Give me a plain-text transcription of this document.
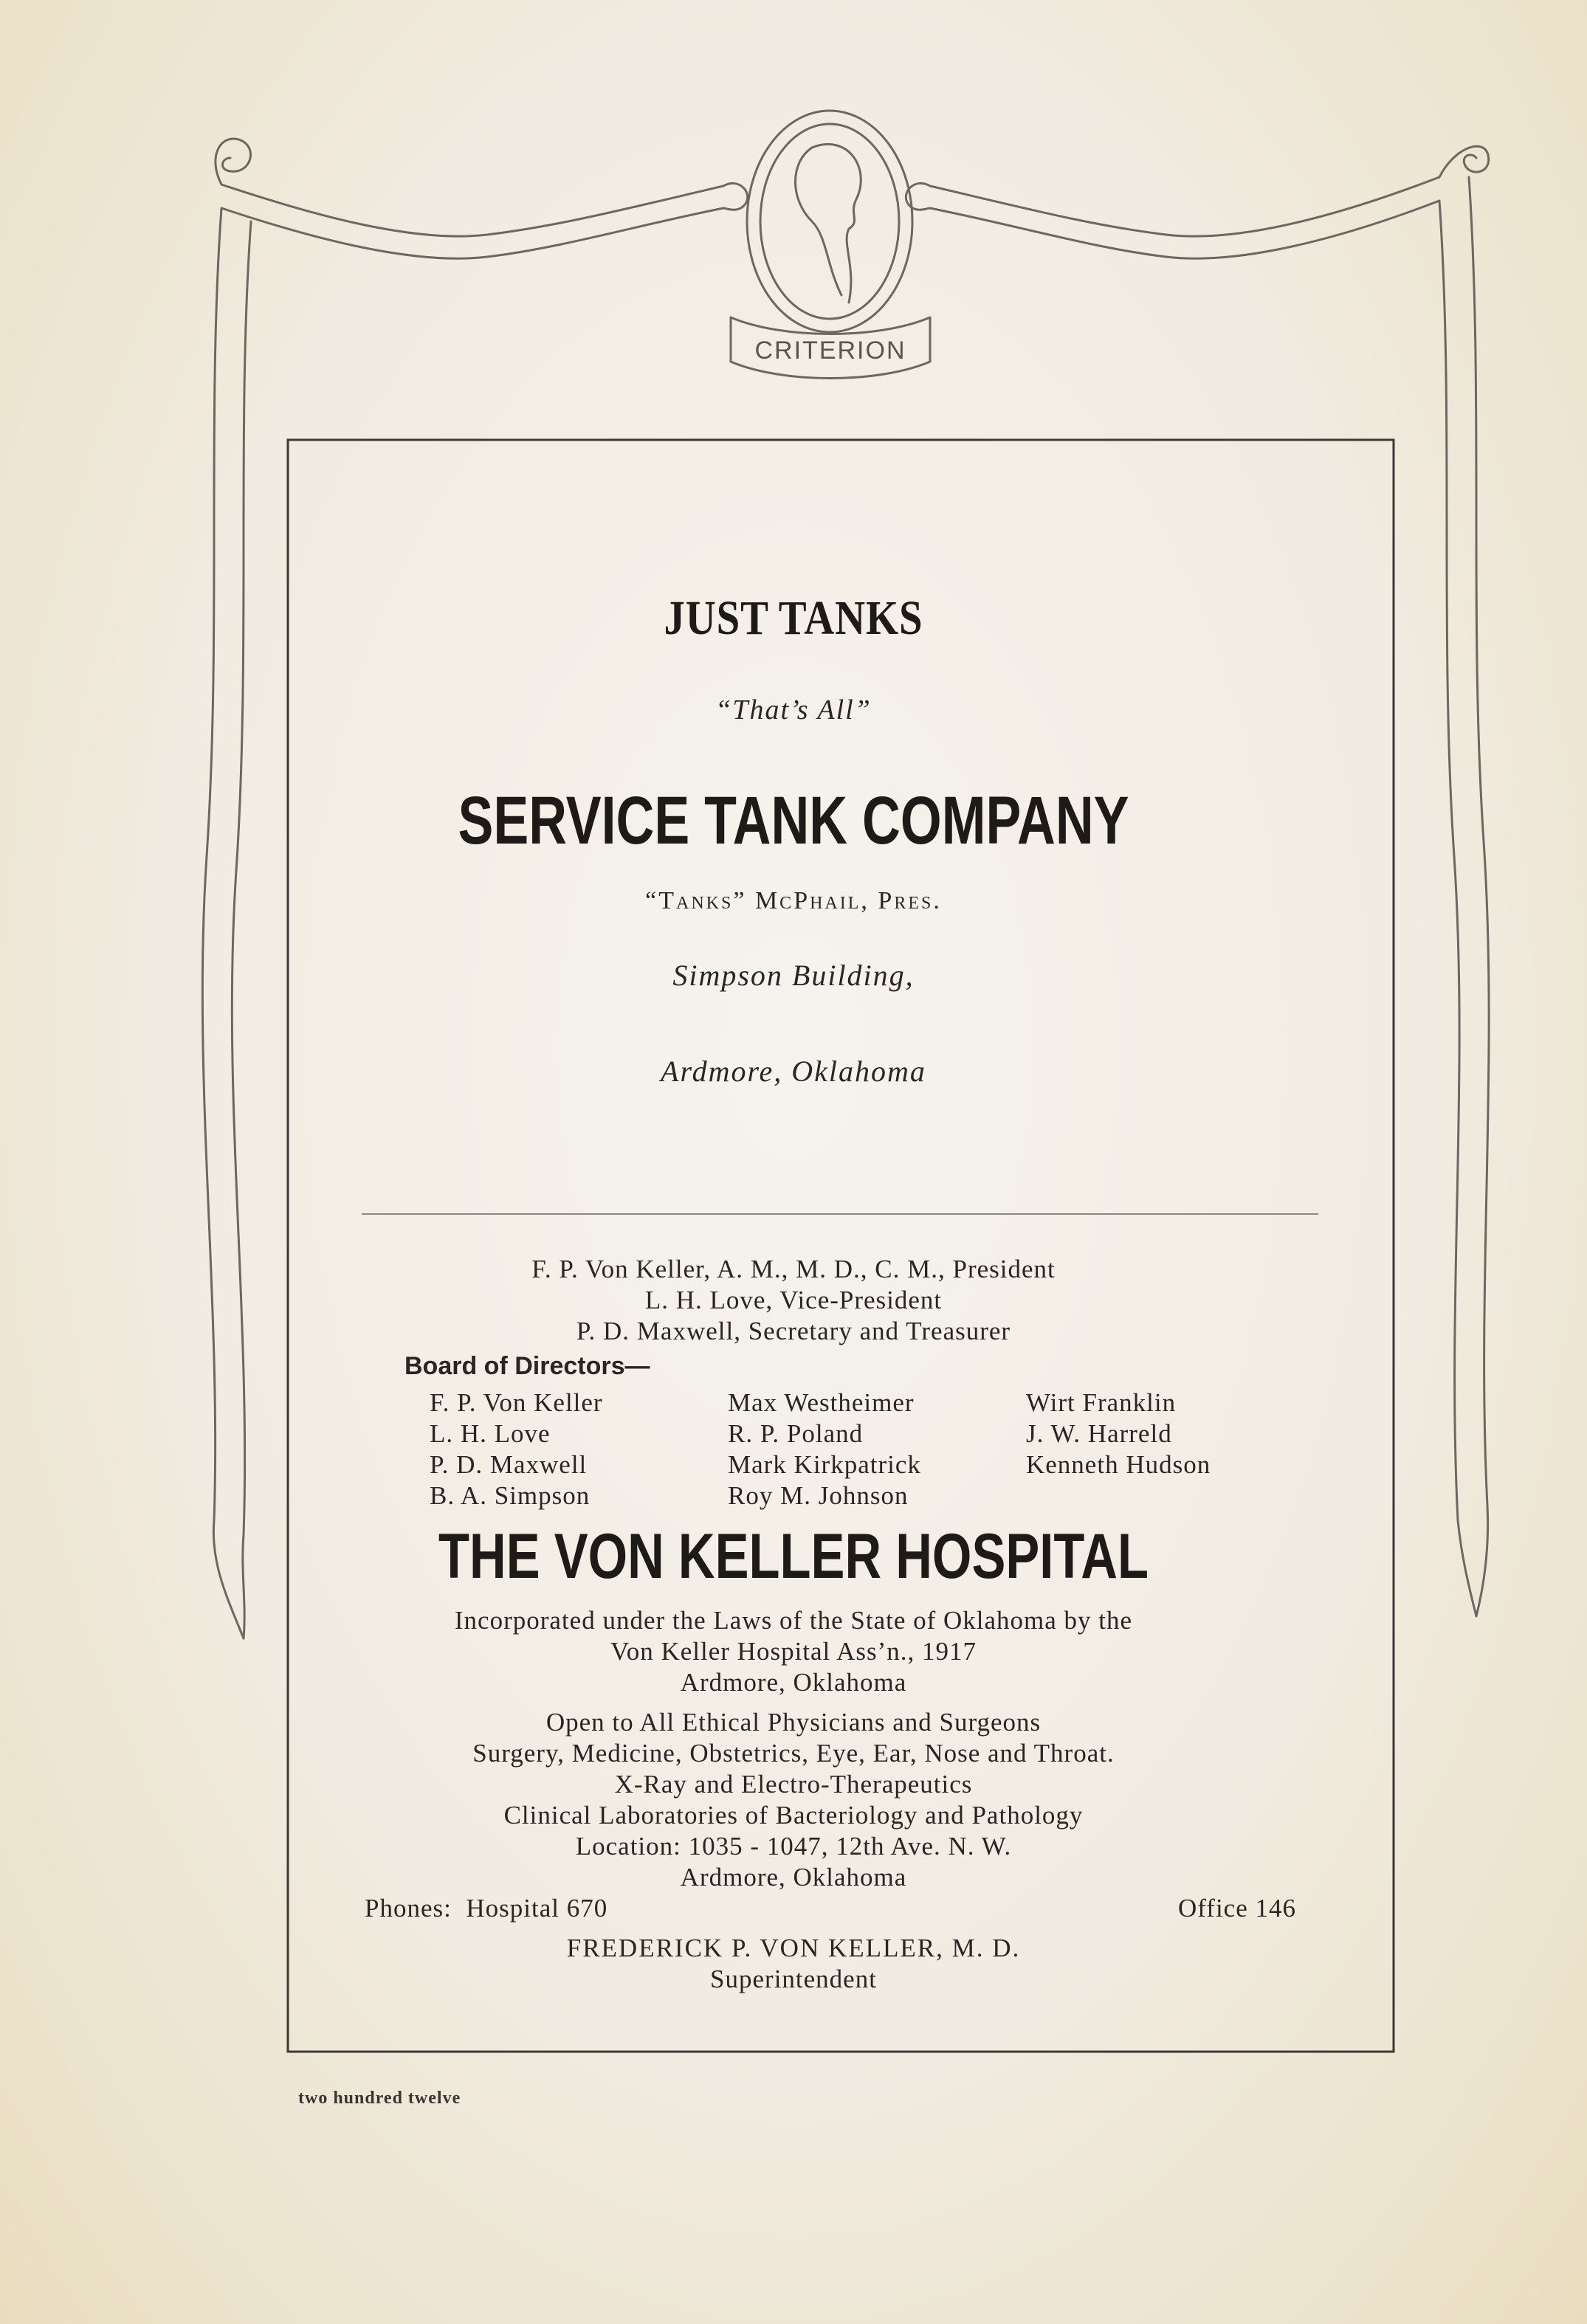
CRITERION
JUST TANKS
“That’s All”
SERVICE TANK COMPANY
“Tanks” McPhail, Pres.
Simpson Building,
Ardmore, Oklahoma
F. P. Von Keller, A. M., M. D., C. M., President
L. H. Love, Vice-President
P. D. Maxwell, Secretary and Treasurer
Board of Directors—
F. P. Von Keller
L. H. Love
P. D. Maxwell
B. A. Simpson
Max Westheimer
R. P. Poland
Mark Kirkpatrick
Roy M. Johnson
Wirt Franklin
J. W. Harreld
Kenneth Hudson
THE VON KELLER HOSPITAL
Incorporated under the Laws of the State of Oklahoma by the
Von Keller Hospital Ass’n., 1917
Ardmore, Oklahoma
Open to All Ethical Physicians and Surgeons
Surgery, Medicine, Obstetrics, Eye, Ear, Nose and Throat.
X-Ray and Electro-Therapeutics
Clinical Laboratories of Bacteriology and Pathology
Location: 1035 - 1047, 12th Ave. N. W.
Ardmore, Oklahoma
Phones: Hospital 670	Office 146
FREDERICK P. VON KELLER, M. D.
Superintendent
two hundred twelve
